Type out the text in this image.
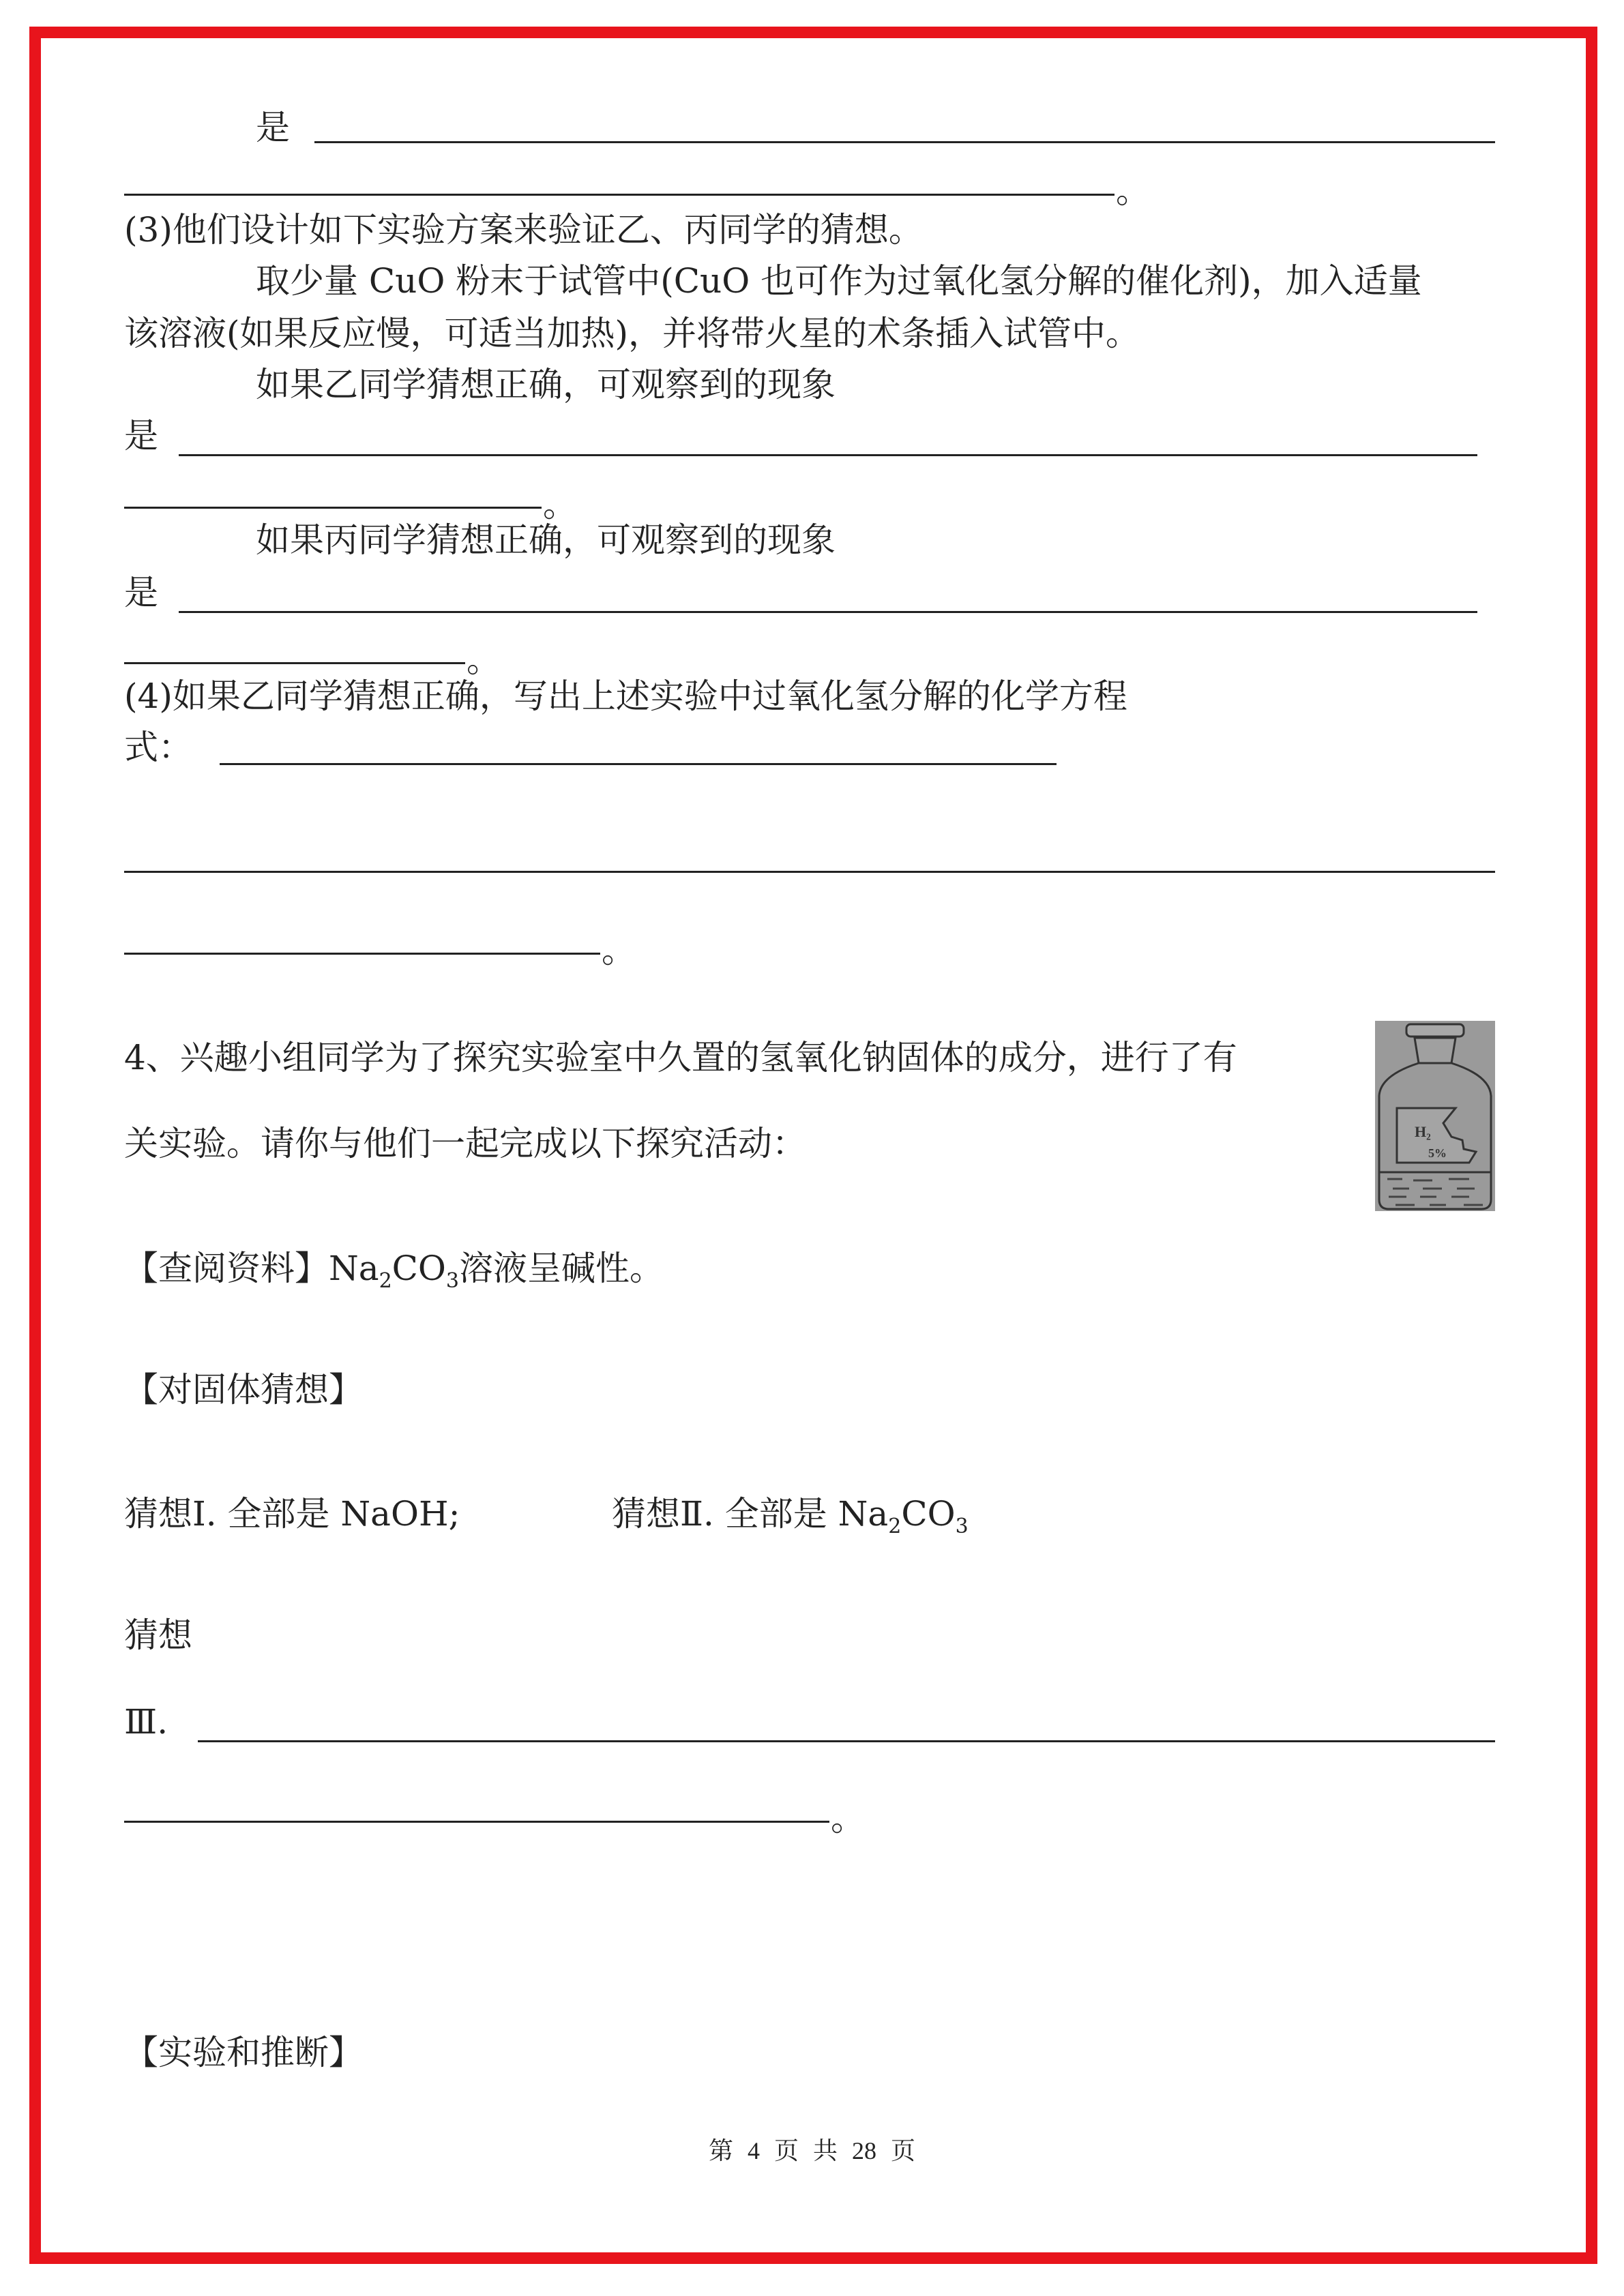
是
。
(3)他们设计如下实验方案来验证乙、丙同学的猜想。
取少量 CuO 粉末于试管中(CuO 也可作为过氧化氢分解的催化剂)，加入适量
该溶液(如果反应慢，可适当加热)，并将带火星的术条插入试管中。
如果乙同学猜想正确，可观察到的现象
是
。
如果丙同学猜想正确，可观察到的现象
是
。
(4)如果乙同学猜想正确，写出上述实验中过氧化氢分解的化学方程
式：
。
4、兴趣小组同学为了探究实验室中久置的氢氧化钠固体的成分，进行了有
关实验。请你与他们一起完成以下探究活动：	H₂
5%
【查阅资料】$Na_2CO_3$溶液呈碱性。
【对固体猜想】
猜想Ⅰ. 全部是 NaOH;	猜想Ⅱ. 全部是 $Na_2CO_3$
猜想
Ⅲ.
。
【实验和推断】
第 4 页 共 28 页
